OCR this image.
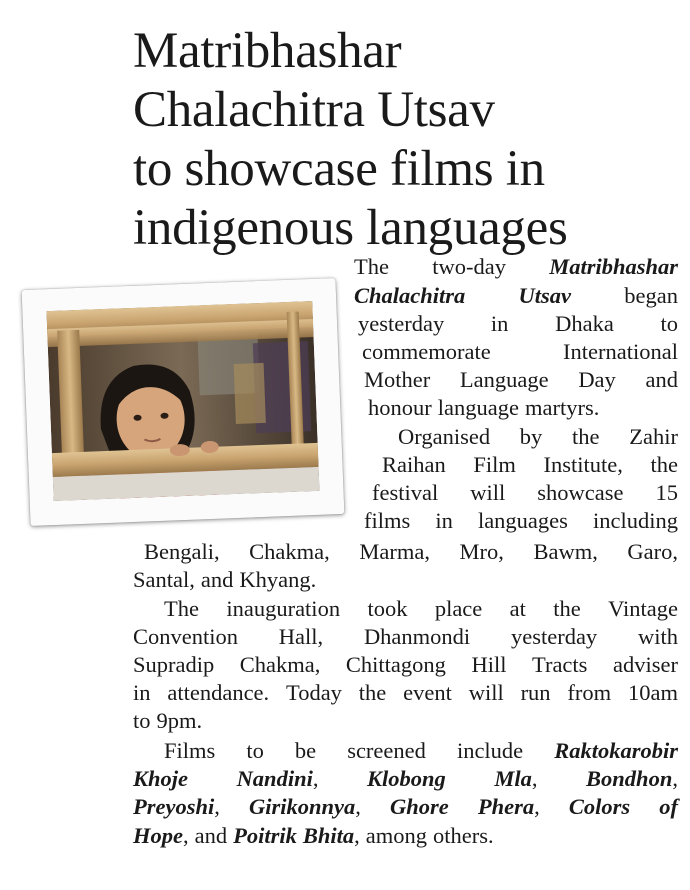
Matribhashar
Chalachitra Utsav
to showcase films in
indigenous languages
The two-day Matribhashar
Chalachitra Utsav began
yesterday in Dhaka to
commemorate	International
Mother Language Day and
honour language martyrs.
Organised by the Zahir
Raihan Film Institute, the
festival will showcase 15
films in languages including
Bengali, Chakma, Marma, Mro, Bawm, Garo,
Santal, and Khyang.
The inauguration took place at the Vintage
Convention Hall, Dhanmondi yesterday with
Supradip Chakma, Chittagong Hill Tracts adviser
in attendance. Today the event will run from 10am
to 9pm.
Films to be screened include Raktokarobir
Khoje Nandini, Klobong Mla, Bondhon,
Preyoshi, Girikonnya, Ghore Phera, Colors of
Hope, and Poitrik Bhita, among others.
